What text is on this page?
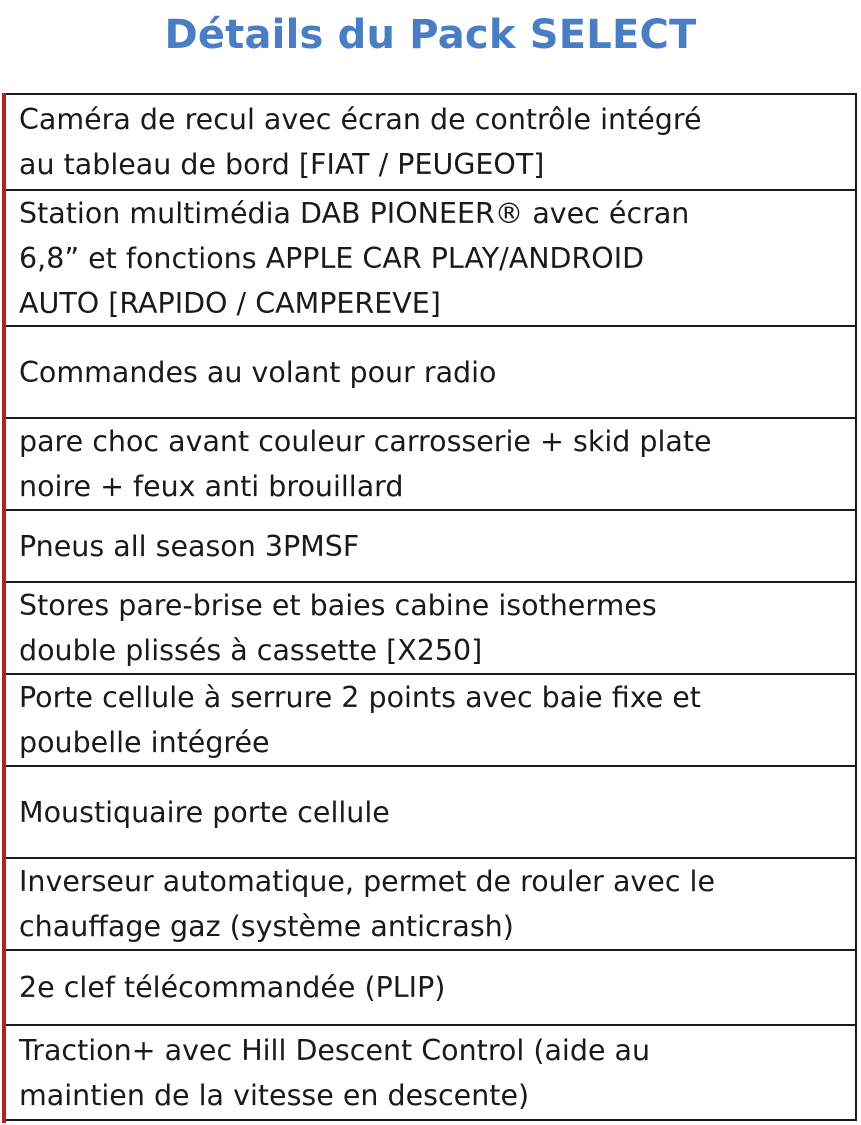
Détails du Pack SELECT
Caméra de recul avec écran de contrôle intégré
au tableau de bord [FIAT / PEUGEOT]
Station multimédia DAB PIONEER® avec écran
6,8” et fonctions APPLE CAR PLAY/ANDROID
AUTO [RAPIDO / CAMPEREVE]
Commandes au volant pour radio
pare choc avant couleur carrosserie + skid plate
noire + feux anti brouillard
Pneus all season 3PMSF
Stores pare-brise et baies cabine isothermes
double plissés à cassette [X250]
Porte cellule à serrure 2 points avec baie fixe et
poubelle intégrée
Moustiquaire porte cellule
Inverseur automatique, permet de rouler avec le
chauffage gaz (système anticrash)
2e clef télécommandée (PLIP)
Traction+ avec Hill Descent Control (aide au
maintien de la vitesse en descente)
